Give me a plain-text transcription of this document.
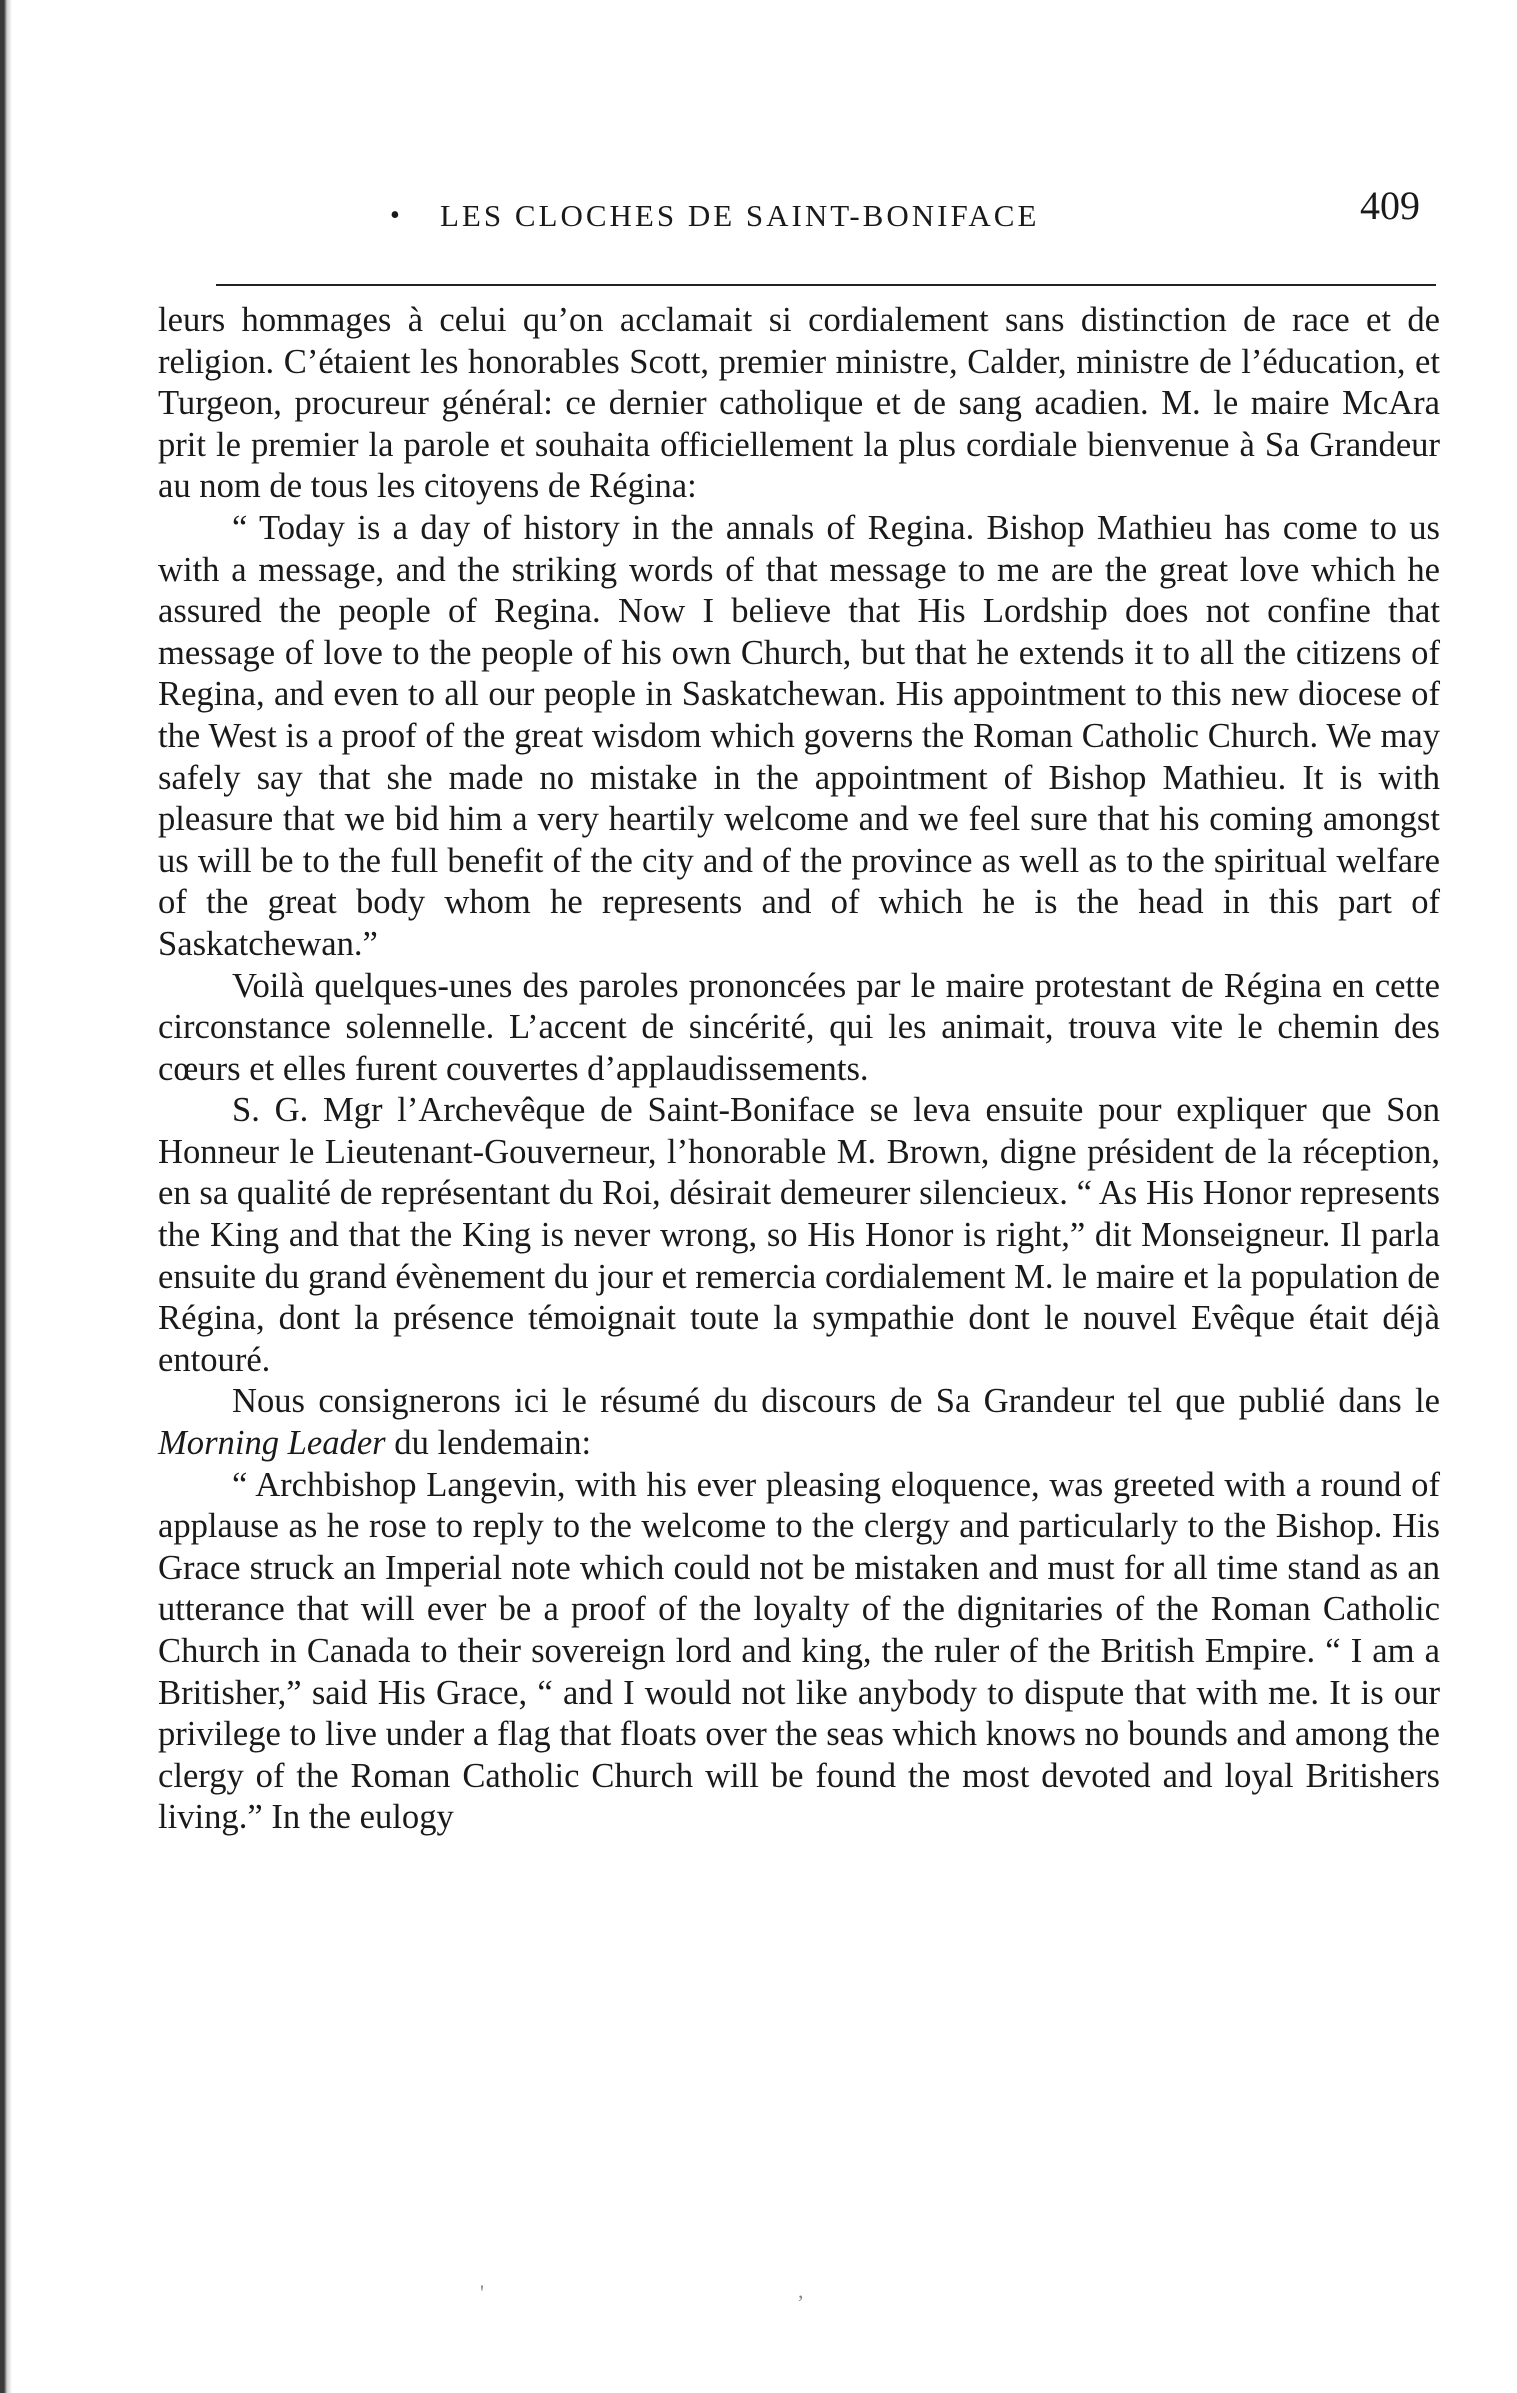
• LES CLOCHES DE SAINT-BONIFACE	409

leurs hommages à celui qu’on acclamait si cordialement sans distinction de race et de religion. C’étaient les honorables Scott, premier ministre, Calder, ministre de l’éducation, et Turgeon, procureur général: ce dernier catholique et de sang acadien. M. le maire McAra prit le premier la parole et souhaita officiellement la plus cordiale bienvenue à Sa Grandeur au nom de tous les citoyens de Régina:

“ Today is a day of history in the annals of Regina. Bishop Mathieu has come to us with a message, and the striking words of that message to me are the great love which he assured the people of Regina. Now I believe that His Lordship does not confine that message of love to the people of his own Church, but that he extends it to all the citizens of Regina, and even to all our people in Saskatchewan. His appointment to this new diocese of the West is a proof of the great wisdom which governs the Roman Catholic Church. We may safely say that she made no mistake in the appointment of Bishop Mathieu. It is with pleasure that we bid him a very heartily welcome and we feel sure that his coming amongst us will be to the full benefit of the city and of the province as well as to the spiritual welfare of the great body whom he represents and of which he is the head in this part of Saskatchewan.”

Voilà quelques-unes des paroles prononcées par le maire protestant de Régina en cette circonstance solennelle. L’accent de sincérité, qui les animait, trouva vite le chemin des cœurs et elles furent couvertes d’applaudissements.

S. G. Mgr l’Archevêque de Saint-Boniface se leva ensuite pour expliquer que Son Honneur le Lieutenant-Gouverneur, l’honorable M. Brown, digne président de la réception, en sa qualité de représentant du Roi, désirait demeurer silencieux. “ As His Honor represents the King and that the King is never wrong, so His Honor is right,” dit Monseigneur. Il parla ensuite du grand évènement du jour et remercia cordialement M. le maire et la population de Régina, dont la présence témoignait toute la sympathie dont le nouvel Evêque était déjà entouré.

Nous consignerons ici le résumé du discours de Sa Grandeur tel que publié dans le Morning Leader du lendemain:

“ Archbishop Langevin, with his ever pleasing eloquence, was greeted with a round of applause as he rose to reply to the welcome to the clergy and particularly to the Bishop. His Grace struck an Imperial note which could not be mistaken and must for all time stand as an utterance that will ever be a proof of the loyalty of the dignitaries of the Roman Catholic Church in Canada to their sovereign lord and king, the ruler of the British Empire. “ I am a Britisher,” said His Grace, “ and I would not like anybody to dispute that with me. It is our privilege to live under a flag that floats over the seas which knows no bounds and among the clergy of the Roman Catholic Church will be found the most devoted and loyal Britishers living.” In the eulogy

'	,
